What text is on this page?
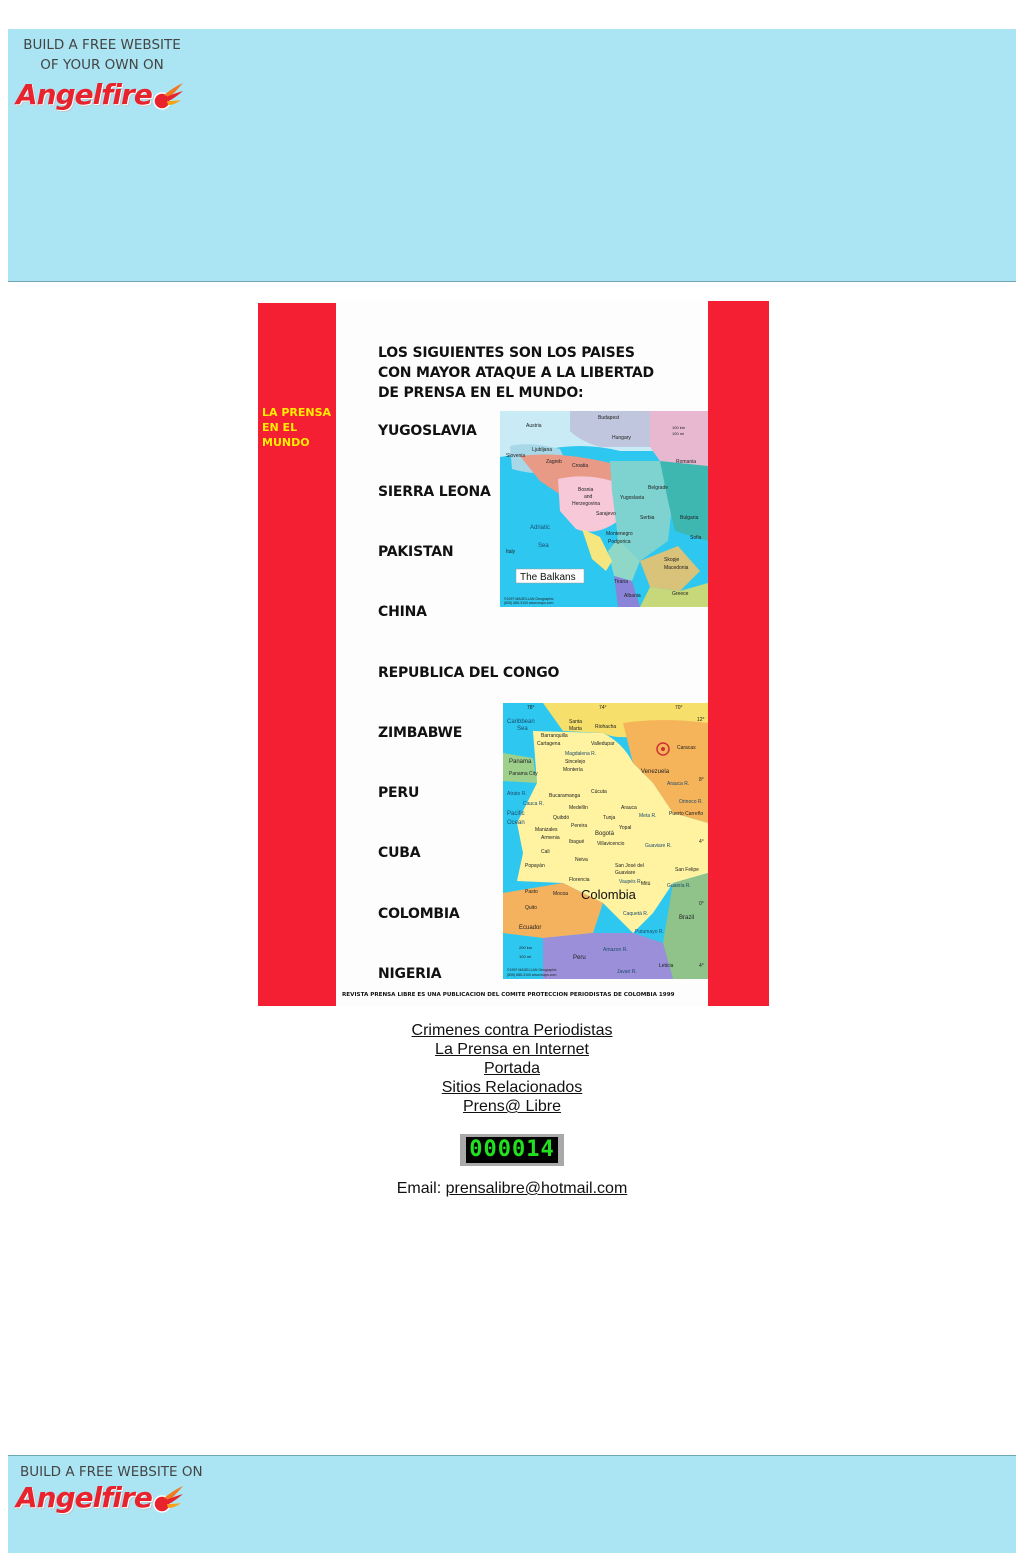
BUILD A FREE WEBSITE
OF YOUR OWN ON
Angelfire
LA PRENSA
EN EL
MUNDO
LOS SIGUIENTES SON LOS PAISES
CON MAYOR ATAQUE A LA LIBERTAD
DE PRENSA EN EL MUNDO:
YUGOSLAVIA
SIERRA LEONA
PAKISTAN
CHINA
REPUBLICA DEL CONGO
ZIMBABWE
PERU
CUBA
COLOMBIA
NIGERIA
The Balkans
Austria
Budapest
Hungary
Slovenia
Ljubljana
Zagreb
Croatia
Romania
Bosnia
and
Herzegovina
Sarajevo
Belgrade
Yugoslavia
Sofia
Bulgaria
Adriatic
Sea
Montenegro
Podgorica
Skopje
Macedonia
Tirana
Albania	Greece
Italy
Serbia
100 km
100 mi
©1997 MAGELLAN Geographic
(805) 685-3100 www.maps.com
Colombia
Caribbean
Sea
Santa
Marta	Riohacha
Barranquilla
Cartagena	Valledupar
Magdalena R.
Sincelejo
Montería
Caracas
Panama
Panama City	Venezuela
Arauca R.
Cúcuta
Atrato R.	Bucaramanga
Arauca
Orinoco R.
Cauca R.
Medellín
Pacific
Ocean
Quibdó	Tunja	Meta R. Puerto Carreño
Manizales
Pereira
Bogotá
Yopal
Armenia
Ibagué	Villavicencio	Guaviare R.
Cali
Neiva
Popayán	San José del
Guaviare
Pasto
Florencia	Vaupés R. Mitú
Mocoa
Guainía R.
Quito
Ecuador
Caquetá R.
Brazil
Putumayo R.
Amazon R.
Peru
Javari R.
Leticia
San Felipe
200 km
100 mi
©1997 MAGELLAN Geographic
(805) 685-3100 www.maps.com
78°	74°	70°
12°
8°
4°
0°
4°
REVISTA PRENSA LIBRE ES UNA PUBLICACION DEL COMITE PROTECCION PERIODISTAS DE COLOMBIA 1999
Crimenes contra Periodistas
La Prensa en Internet
Portada
Sitios Relacionados
Prens@ Libre
000014
Email: prensalibre@hotmail.com
BUILD A FREE WEBSITE ON
Angelfire
